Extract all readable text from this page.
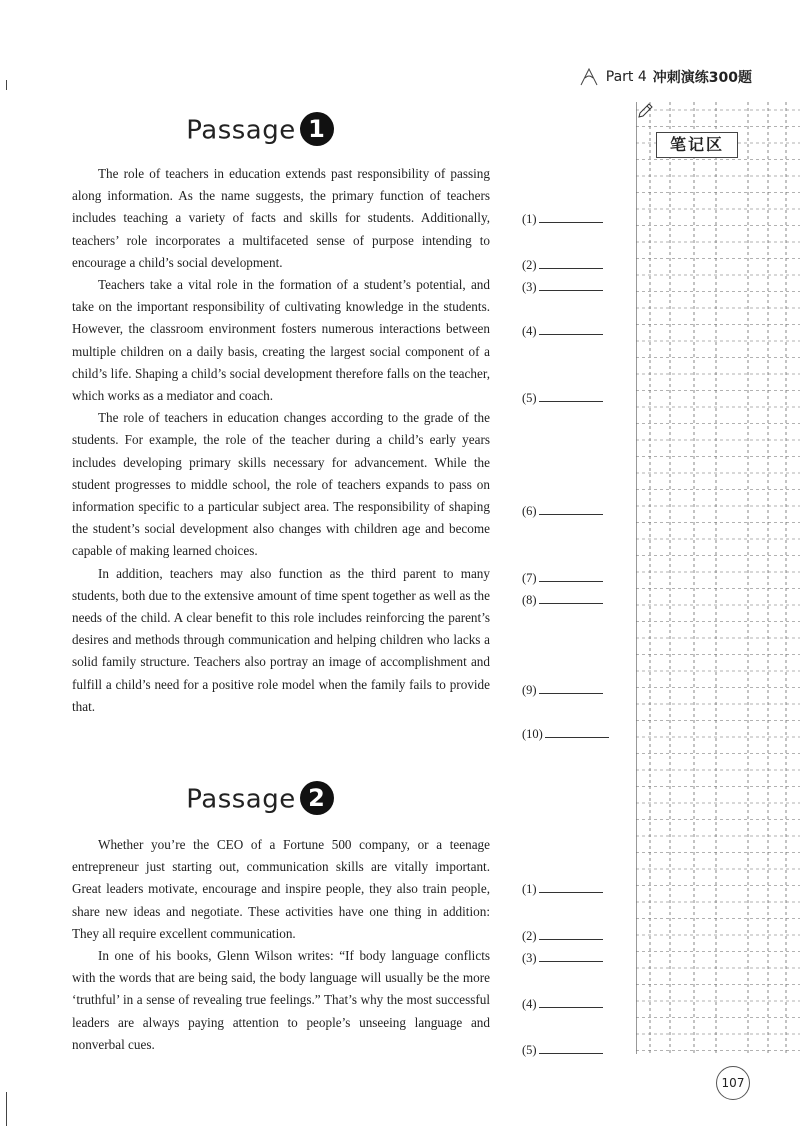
Part 4 冲刺演练300题
Passage 1

The role of teachers in education extends past responsibility of passing along information. As the name suggests, the primary function of teachers includes teaching a variety of facts and skills for students. Additionally, teachers’ role incorporates a multifaceted sense of purpose intending to encourage a child’s social development.

Teachers take a vital role in the formation of a student’s potential, and take on the important responsibility of cultivating knowledge in the students. However, the classroom environment fosters numerous interactions between multiple children on a daily basis, creating the largest social component of a child’s life. Shaping a child’s social development therefore falls on the teacher, which works as a mediator and coach.

The role of teachers in education changes according to the grade of the students. For example, the role of the teacher during a child’s early years includes developing primary skills necessary for advancement. While the student progresses to middle school, the role of teachers expands to pass on information specific to a particular subject area. The responsibility of shaping the student’s social development also changes with children age and become capable of making learned choices.

In addition, teachers may also function as the third parent to many students, both due to the extensive amount of time spent together as well as the needs of the child. A clear benefit to this role includes reinforcing the parent’s desires and methods through communication and helping children who lacks a solid family structure. Teachers also portray an image of accomplishment and fulfill a child’s need for a positive role model when the family fails to provide that.

(1)
(2)
(3)
(4)
(5)
(6)
(7)
(8)
(9)
(10)
Passage 2

Whether you’re the CEO of a Fortune 500 company, or a teenage entrepreneur just starting out, communication skills are vitally important. Great leaders motivate, encourage and inspire people, they also train people, share new ideas and negotiate. These activities have one thing in addition: They all require excellent communication.

In one of his books, Glenn Wilson writes: “If body language conflicts with the words that are being said, the body language will usually be the more ‘truthful’ in a sense of revealing true feelings.” That’s why the most successful leaders are always paying attention to people’s unseeing language and nonverbal cues.

(1)
(2)
(3)
(4)
(5)
笔记区
107
